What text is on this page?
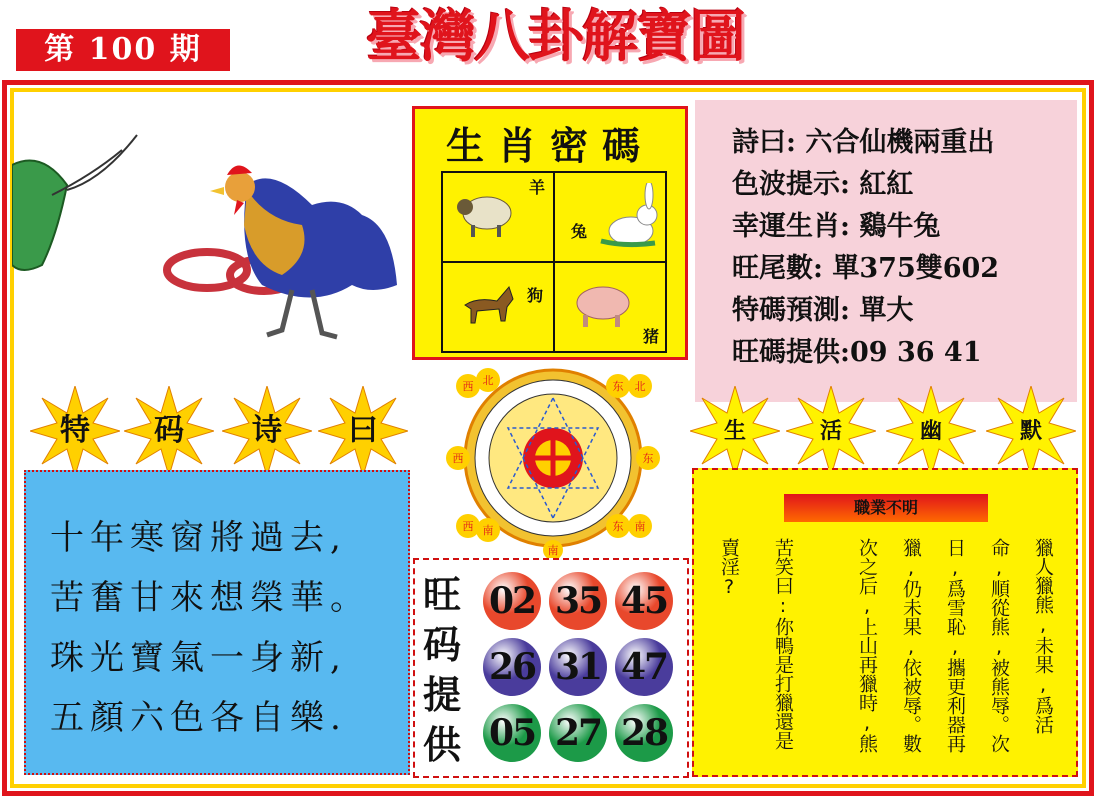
第 100 期	臺灣八卦解寶圖
生肖密碼
羊
兔
狗
猪
詩曰: 六合仙機兩重出
色波提示: 紅紅
幸運生肖: 鷄牛兔
旺尾數: 單375雙602
特碼預測: 單大
旺碼提供:09 36 41
特	码	诗	曰	生	活	幽	默
十年寒窗將過去,
苦奮甘來想榮華。
珠光寶氣一身新,
五顏六色各自樂.
西 北	东 北
西	东
西 南	东 南
南
旺
码
提
供
02 35 45
26 31 47
05 27 28
職業不明
獵人獵熊,未果,爲活
命,順從熊,被熊辱。次
日,爲雪恥,攜更利器再
獵,仍未果,依被辱。數
次之后,上山再獵時,熊
苦笑曰:你鴨是打獵還是
賣淫?
